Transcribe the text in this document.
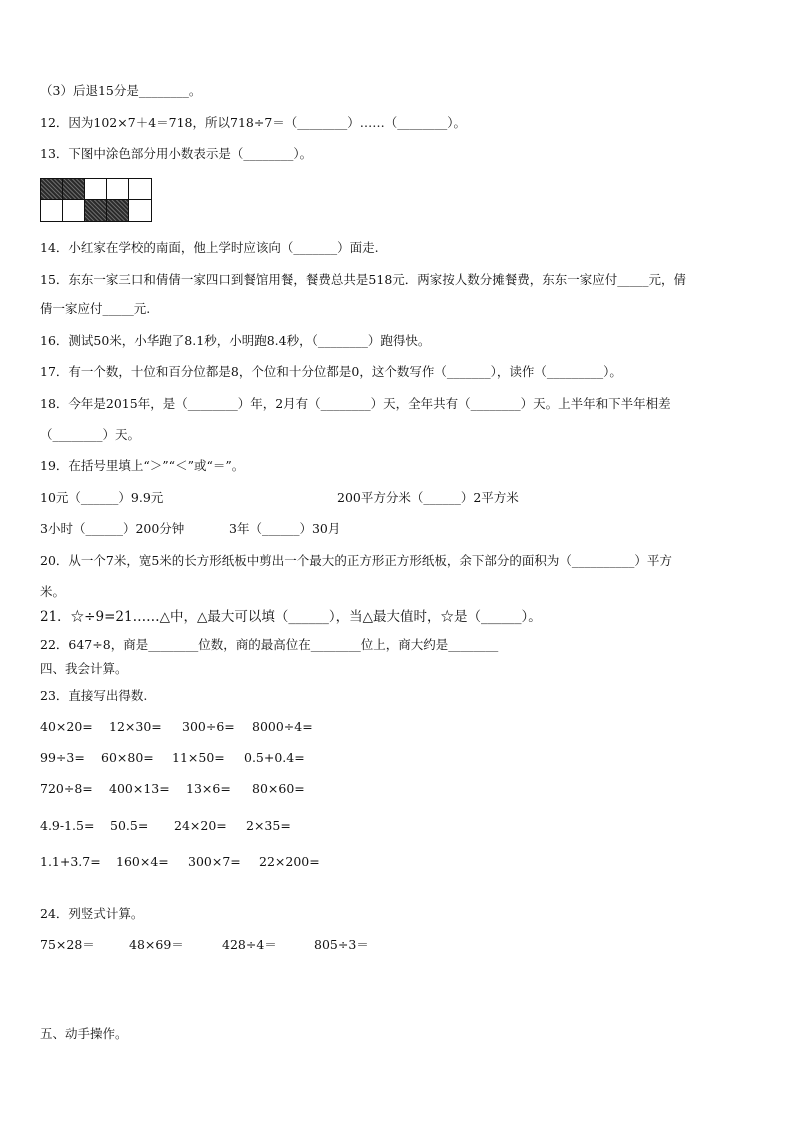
（3）后退15分是________。
12．因为102×7＋4＝718，所以718÷7＝（________）……（________）。
13．下图中涂色部分用小数表示是（________）。
14．小红家在学校的南面，他上学时应该向（_______）面走.
15．东东一家三口和倩倩一家四口到餐馆用餐，餐费总共是518元．两家按人数分摊餐费，东东一家应付_____元，倩
倩一家应付_____元.
16．测试50米，小华跑了8.1秒，小明跑8.4秒，（________）跑得快。
17．有一个数，十位和百分位都是8，个位和十分位都是0，这个数写作（_______），读作（_________）。
18．今年是2015年，是（________）年，2月有（________）天，全年共有（________）天。上半年和下半年相差
（________）天。
19．在括号里填上“＞”“＜”或“＝”。
10元（______）9.9元	200平方分米（______）2平方米
3小时（______）200分钟	3年（______）30月
20．从一个7米，宽5米的长方形纸板中剪出一个最大的正方形正方形纸板，余下部分的面积为（__________）平方
米。
21．☆÷9=21……△中，△最大可以填（______），当△最大值时，☆是（______）。
22．647÷8，商是________位数，商的最高位在________位上，商大约是________
四、我会计算。
23．直接写出得数.
40×20= 12×30= 300÷6= 8000÷4=
99÷3= 60×80= 11×50= 0.5+0.4=
720÷8= 400×13= 13×6= 80×60=
4.9-1.5= 50.5= 24×20= 2×35=
1.1+3.7= 160×4= 300×7= 22×200=
24．列竖式计算。
75×28＝	48×69＝	428÷4＝	805÷3＝
五、动手操作。
